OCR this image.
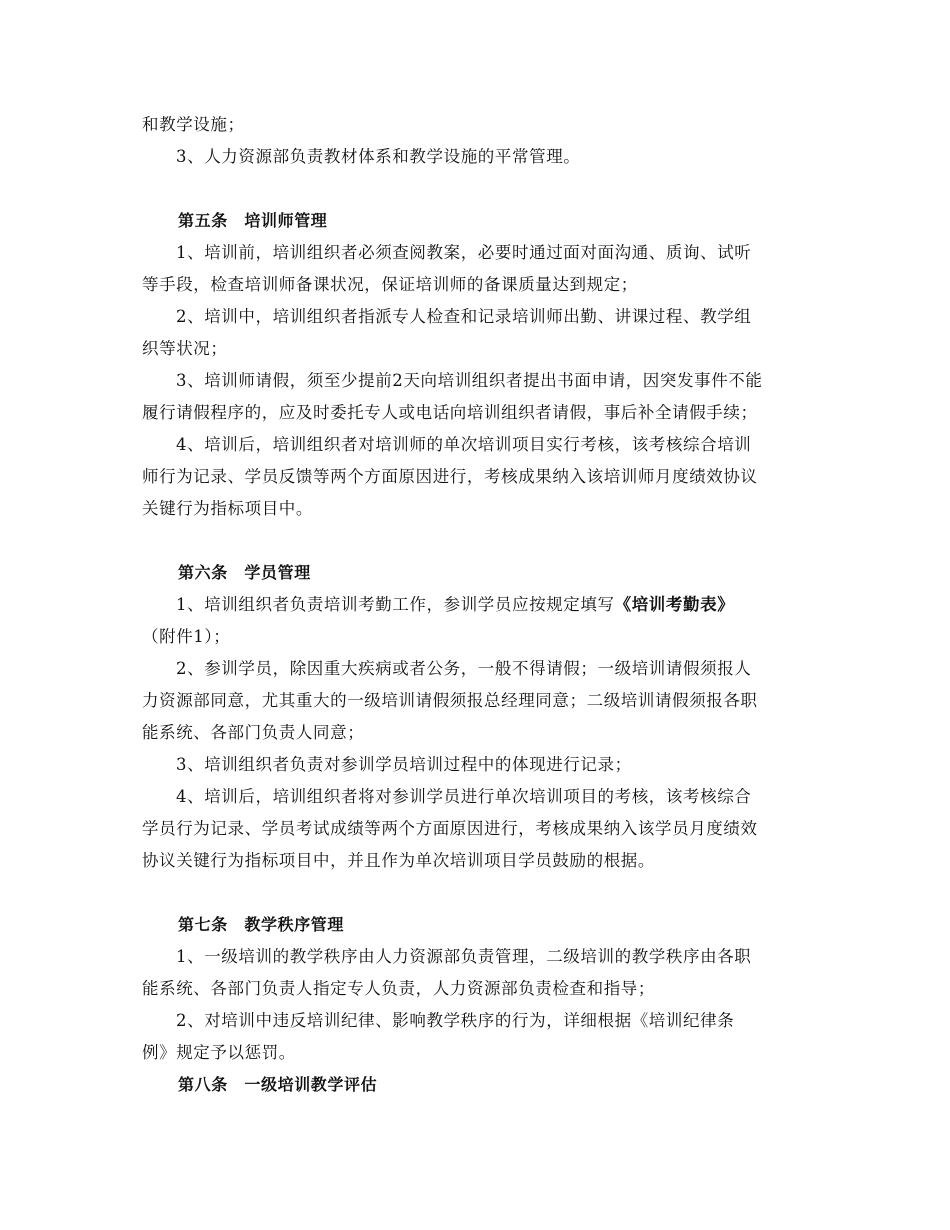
和教学设施；
3、人力资源部负责教材体系和教学设施的平常管理。
第五条　培训师管理
1、培训前，培训组织者必须查阅教案，必要时通过面对面沟通、质询、试听
等手段，检查培训师备课状况，保证培训师的备课质量达到规定；
2、培训中，培训组织者指派专人检查和记录培训师出勤、讲课过程、教学组
织等状况；
3、培训师请假，须至少提前2天向培训组织者提出书面申请，因突发事件不能
履行请假程序的，应及时委托专人或电话向培训组织者请假，事后补全请假手续；
4、培训后，培训组织者对培训师的单次培训项目实行考核，该考核综合培训
师行为记录、学员反馈等两个方面原因进行，考核成果纳入该培训师月度绩效协议
关键行为指标项目中。
第六条　学员管理
1、培训组织者负责培训考勤工作，参训学员应按规定填写《培训考勤表》
（附件1）；
2、参训学员，除因重大疾病或者公务，一般不得请假；一级培训请假须报人
力资源部同意，尤其重大的一级培训请假须报总经理同意；二级培训请假须报各职
能系统、各部门负责人同意；
3、培训组织者负责对参训学员培训过程中的体现进行记录；
4、培训后，培训组织者将对参训学员进行单次培训项目的考核，该考核综合
学员行为记录、学员考试成绩等两个方面原因进行，考核成果纳入该学员月度绩效
协议关键行为指标项目中，并且作为单次培训项目学员鼓励的根据。
第七条　教学秩序管理
1、一级培训的教学秩序由人力资源部负责管理，二级培训的教学秩序由各职
能系统、各部门负责人指定专人负责，人力资源部负责检查和指导；
2、对培训中违反培训纪律、影响教学秩序的行为，详细根据《培训纪律条
例》规定予以惩罚。
第八条　一级培训教学评估
